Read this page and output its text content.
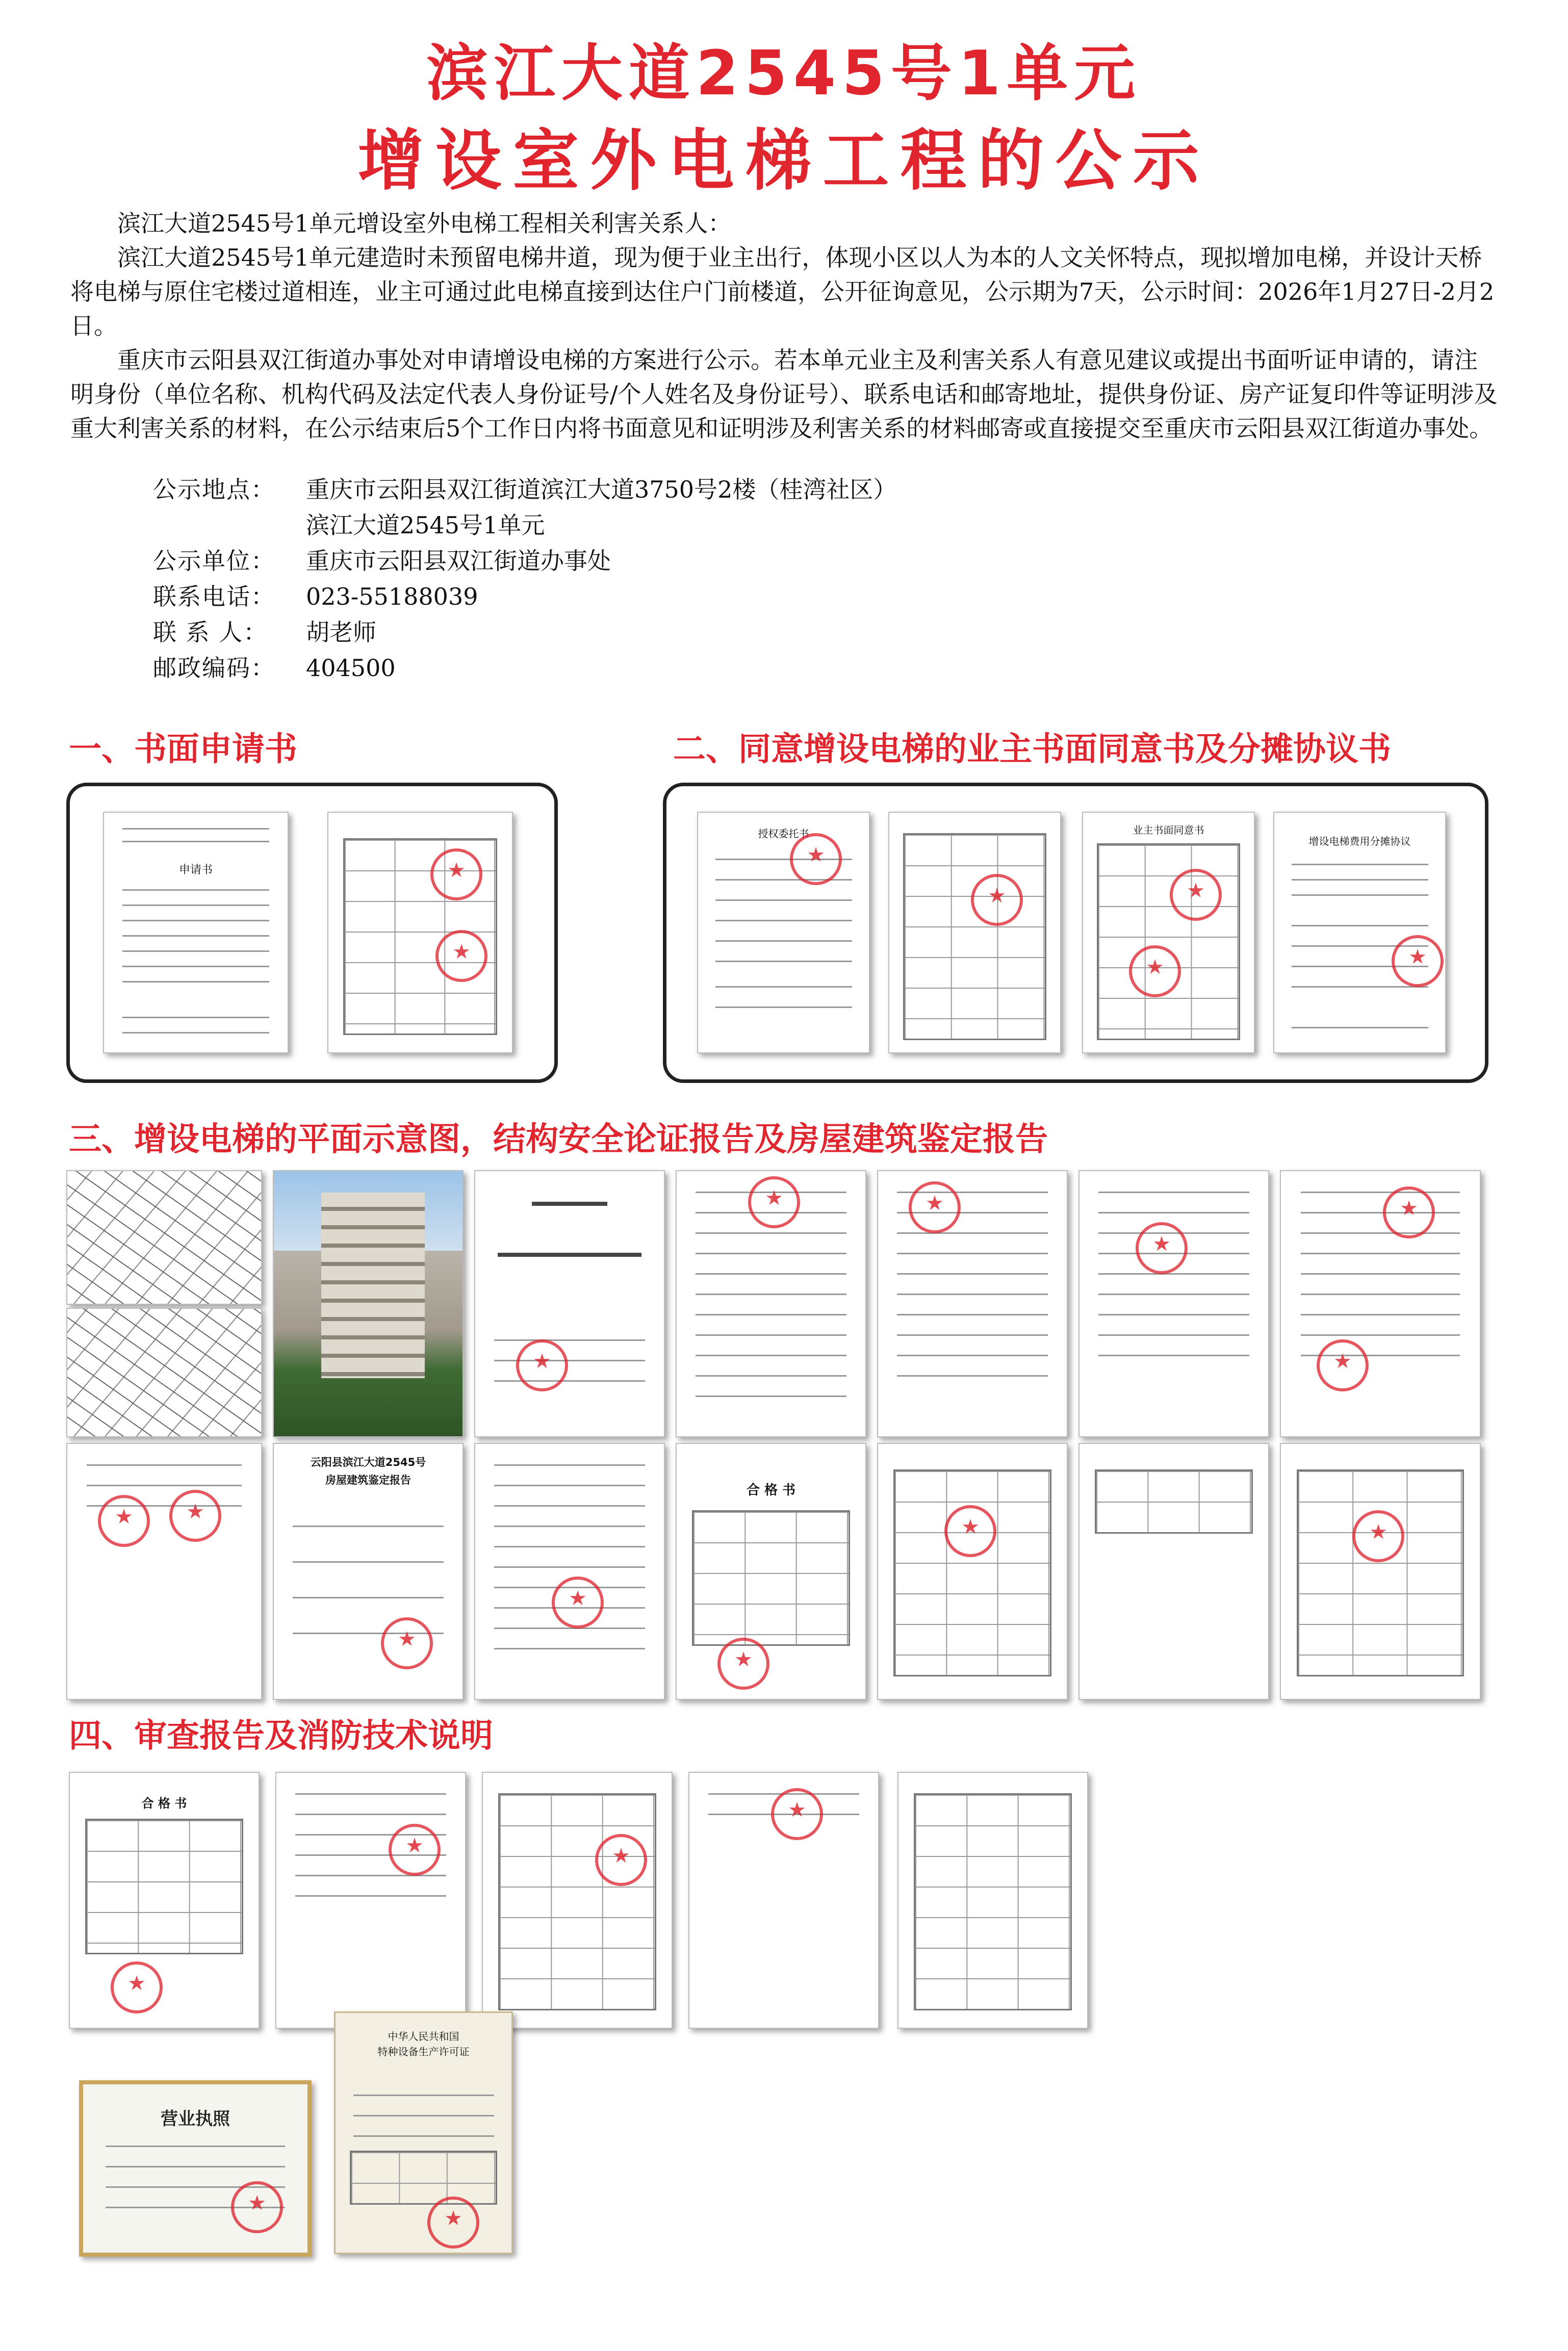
滨江大道2545号1单元
增设室外电梯工程的公示

滨江大道2545号1单元增设室外电梯工程相关利害关系人：

滨江大道2545号1单元建造时未预留电梯井道，现为便于业主出行，体现小区以人为本的人文关怀特点，现拟增加电梯，并设计天桥将电梯与原住宅楼过道相连，业主可通过此电梯直接到达住户门前楼道，公开征询意见，公示期为7天，公示时间：2026年1月27日-2月2日。

重庆市云阳县双江街道办事处对申请增设电梯的方案进行公示。若本单元业主及利害关系人有意见建议或提出书面听证申请的，请注明身份（单位名称、机构代码及法定代表人身份证号/个人姓名及身份证号）、联系电话和邮寄地址，提供身份证、房产证复印件等证明涉及重大利害关系的材料，在公示结束后5个工作日内将书面意见和证明涉及利害关系的材料邮寄或直接提交至重庆市云阳县双江街道办事处。

公示地点：	重庆市云阳县双江街道滨江大道3750号2楼（桂湾社区）
滨江大道2545号1单元
公示单位：	重庆市云阳县双江街道办事处
联系电话：	023-55188039
联 系 人：	胡老师
邮政编码：	404500
一、书面申请书	二、同意增设电梯的业主书面同意书及分摊协议书
申请书
★
★
授权委托书
★
★	业主书面同意书
★
★
增设电梯费用分摊协议
★
三、增设电梯的平面示意图，结构安全论证报告及房屋建筑鉴定报告
★
★
★
★
★
★
★
★
云阳县滨江大道2545号
房屋建筑鉴定报告
★
★
合 格 书
★
★
★
四、审查报告及消防技术说明
合 格 书
★
★
★
★
营业执照
★
中华人民共和国
特种设备生产许可证
★
